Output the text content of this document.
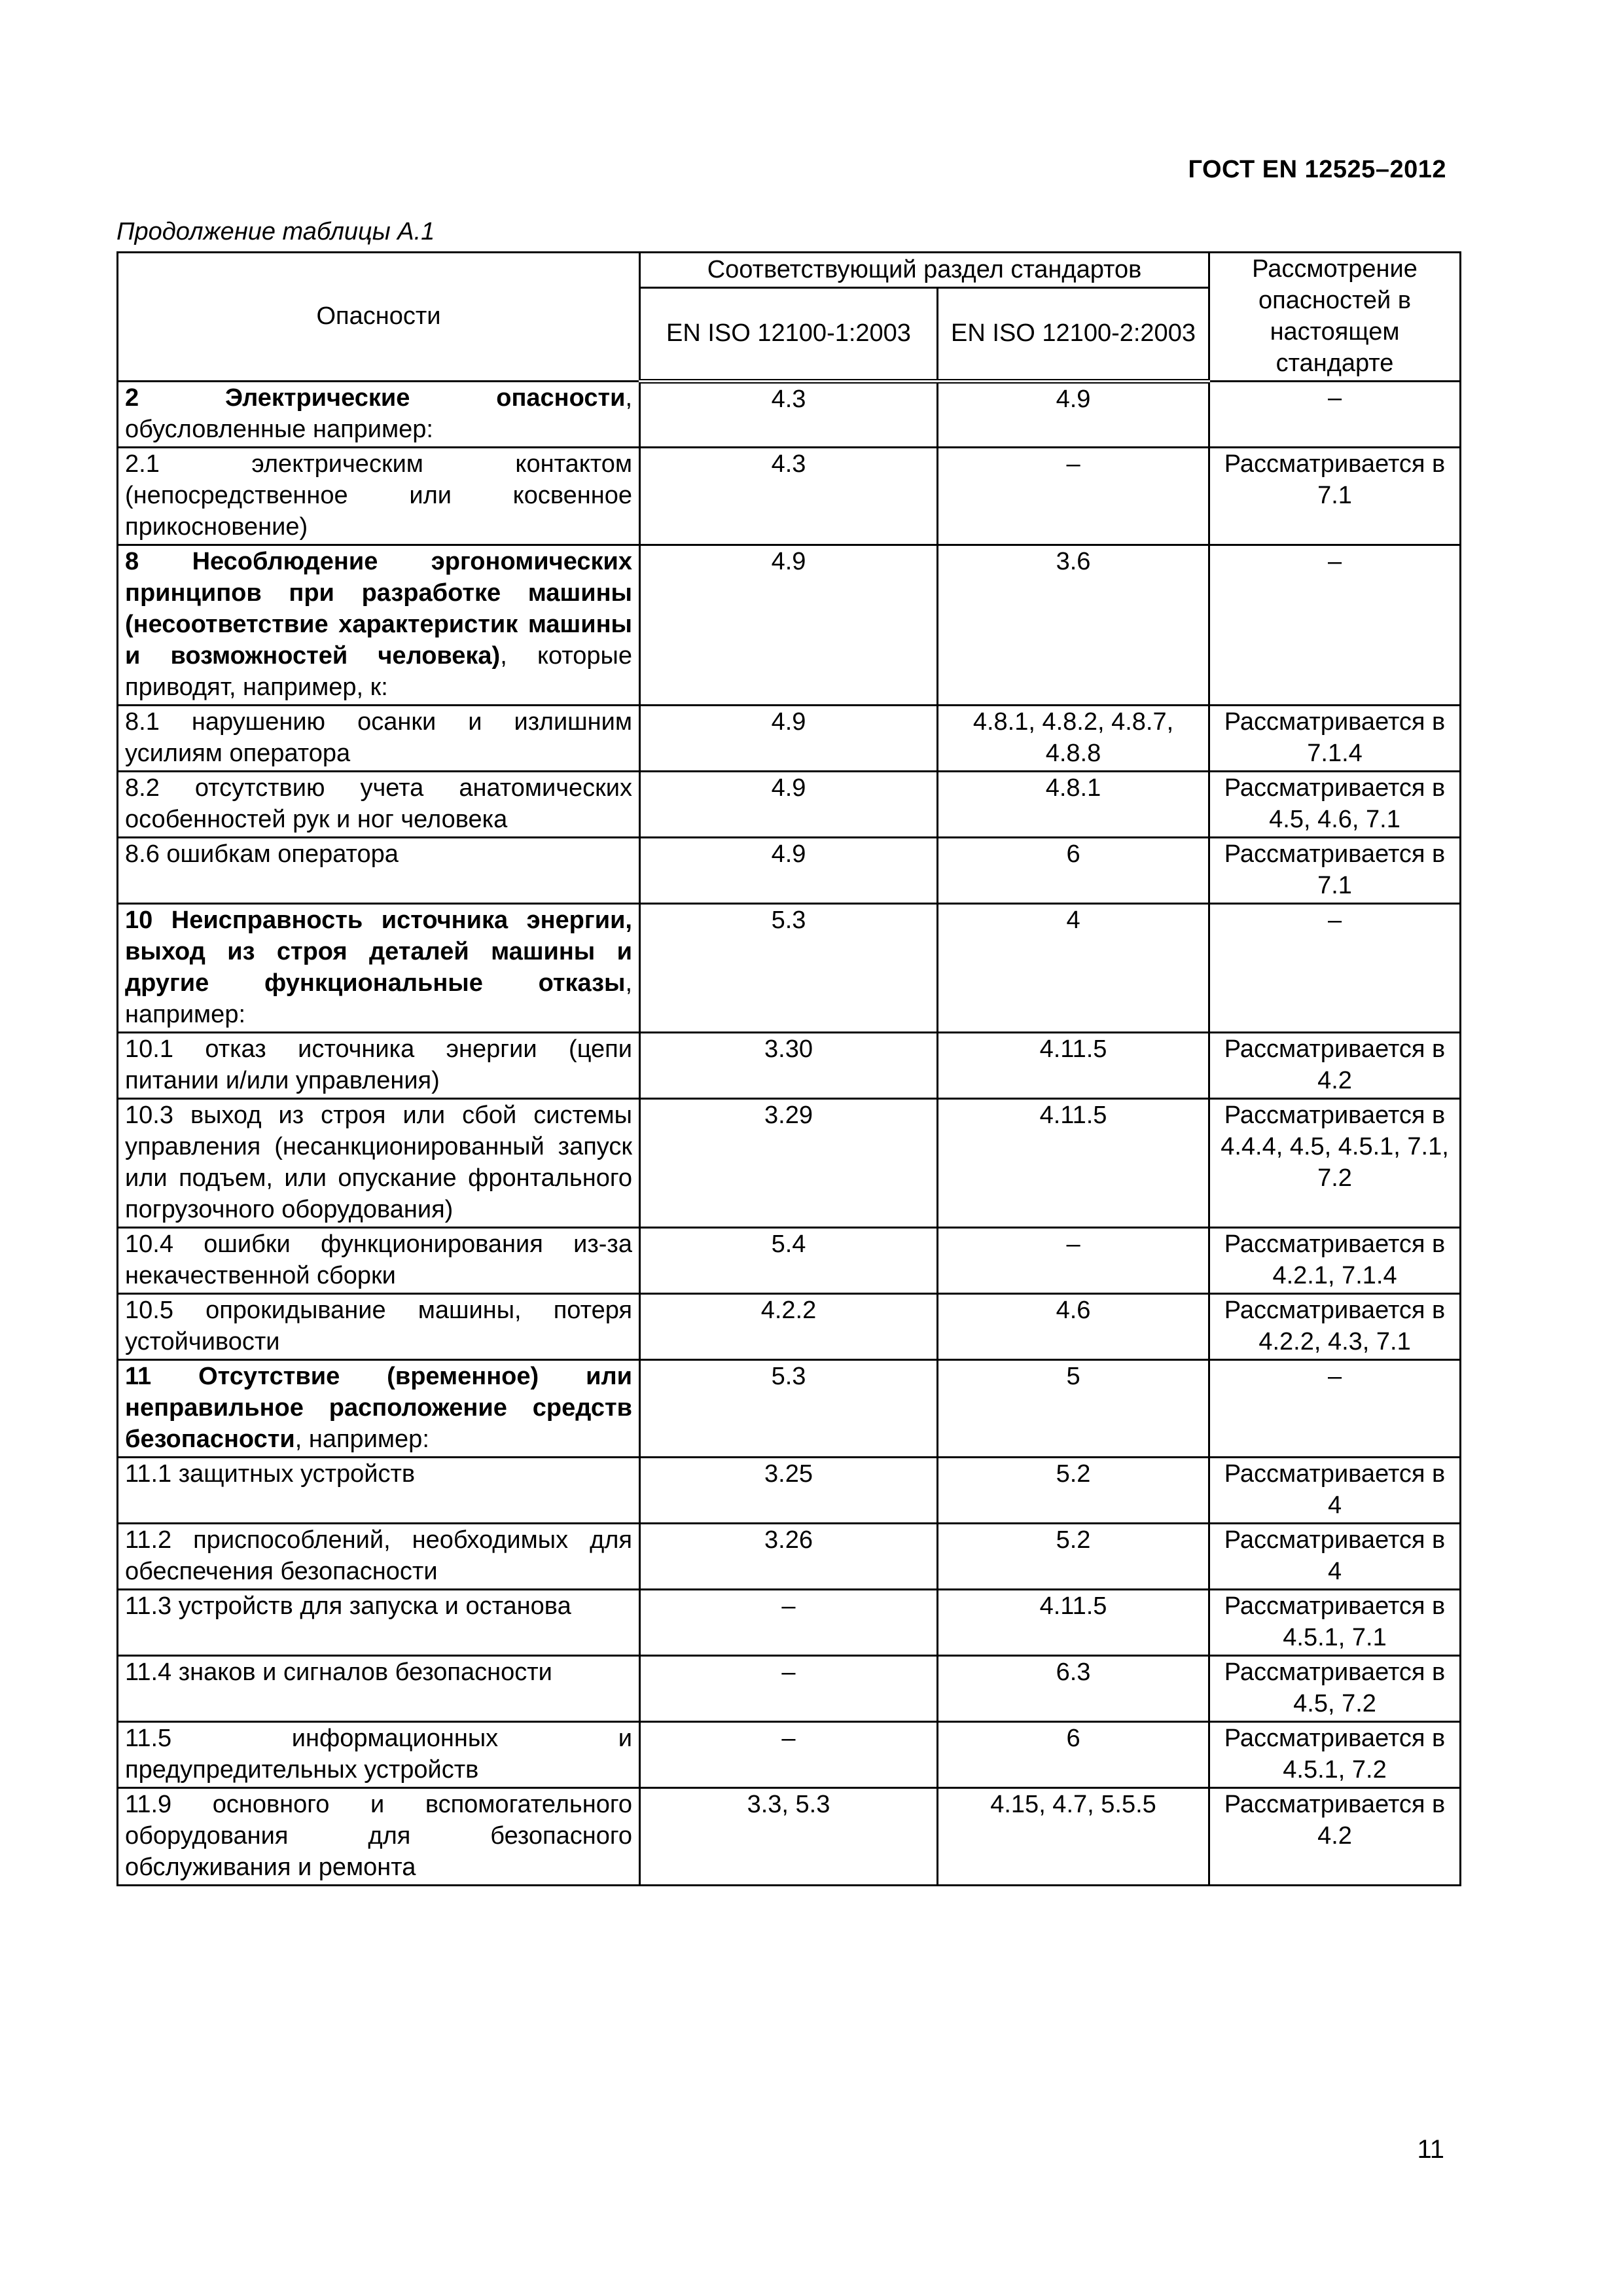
ГОСТ EN 12525–2012
Продолжение таблицы А.1
Опасности	Соответствующий раздел стандартов		Рассмотрение опасностей в настоящем стандарте
	EN ISO 12100-1:2003	EN ISO 12100-2:2003	
2 Электрические опасности, обусловленные например:	4.3	4.9	–
2.1 электрическим контактом (непосредственное или косвенное прикосновение)	4.3	–	Рассматривается в 7.1
8 Несоблюдение эргономических принципов при разработке машины (несоответствие характеристик машины и возможностей человека), которые приводят, например, к:	4.9	3.6	–
8.1 нарушению осанки и излишним усилиям оператора	4.9	4.8.1, 4.8.2, 4.8.7, 4.8.8	Рассматривается в 7.1.4
8.2 отсутствию учета анатомических особенностей рук и ног человека	4.9	4.8.1	Рассматривается в 4.5, 4.6, 7.1
8.6 ошибкам оператора	4.9	6	Рассматривается в 7.1
10 Неисправность источника энергии, выход из строя деталей машины и другие функциональные отказы, например:	5.3	4	–
10.1 отказ источника энергии (цепи питании и/или управления)	3.30	4.11.5	Рассматривается в 4.2
10.3 выход из строя или сбой системы управления (несанкционированный запуск или подъем, или опускание фронтального погрузочного оборудования)	3.29	4.11.5	Рассматривается в 4.4.4, 4.5, 4.5.1, 7.1, 7.2
10.4 ошибки функционирования из-за некачественной сборки	5.4	–	Рассматривается в 4.2.1, 7.1.4
10.5 опрокидывание машины, потеря устойчивости	4.2.2	4.6	Рассматривается в 4.2.2, 4.3, 7.1
11 Отсутствие (временное) или неправильное расположение средств безопасности, например:	5.3	5	–
11.1 защитных устройств	3.25	5.2	Рассматривается в 4
11.2 приспособлений, необходимых для обеспечения безопасности	3.26	5.2	Рассматривается в 4
11.3 устройств для запуска и останова	–	4.11.5	Рассматривается в 4.5.1, 7.1
11.4 знаков и сигналов безопасности	–	6.3	Рассматривается в 4.5, 7.2
11.5 информационных и предупредительных устройств	–	6	Рассматривается в 4.5.1, 7.2
11.9 основного и вспомогательного оборудования для безопасного обслуживания и ремонта	3.3, 5.3	4.15, 4.7, 5.5.5	Рассматривается в 4.2
11
